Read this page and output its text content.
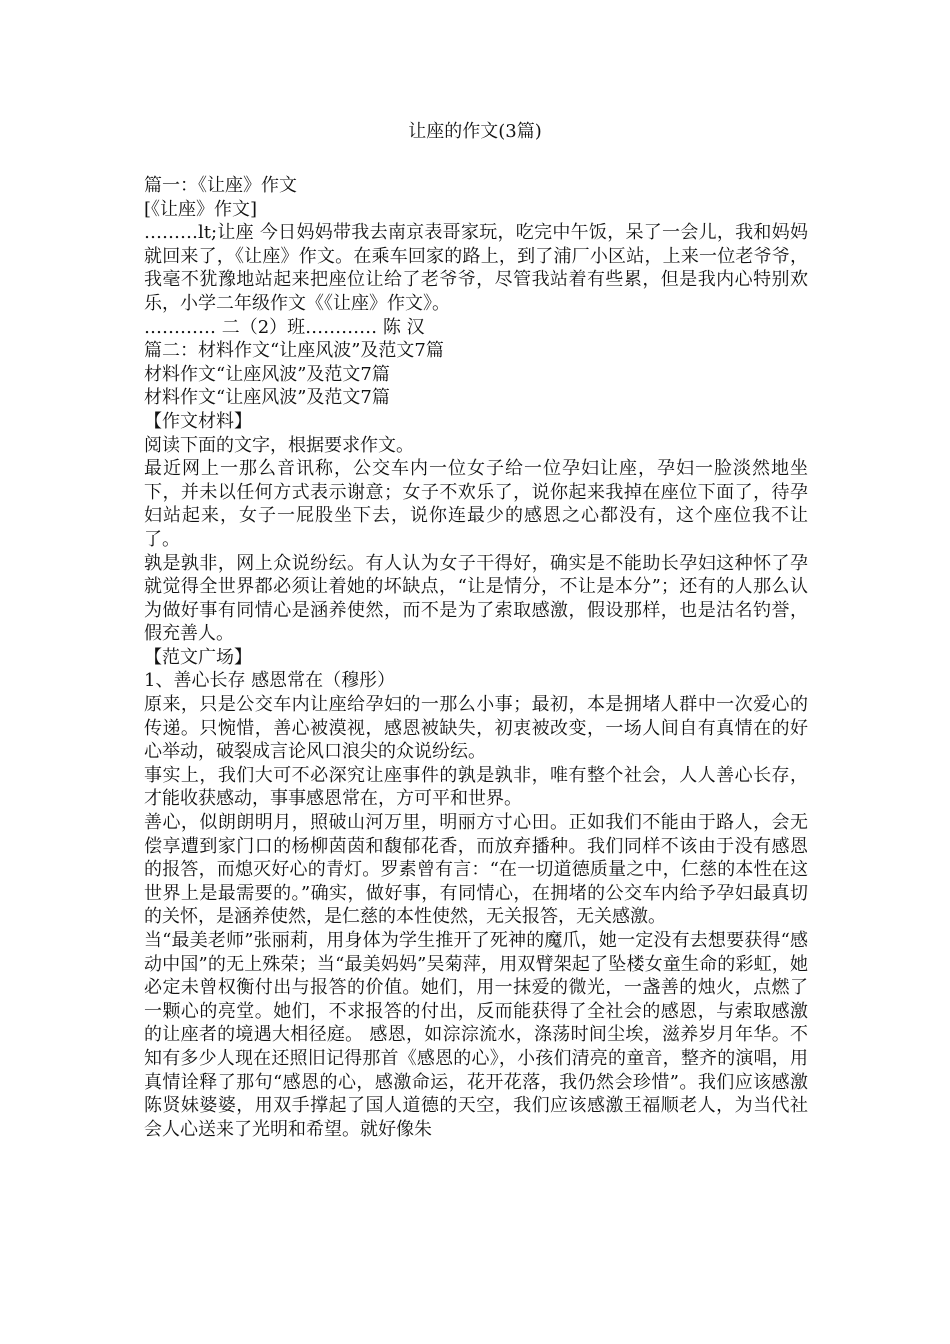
让座的作文(3篇)

篇一：《让座》作文

[《让座》作文]

………lt;让座 今日妈妈带我去南京表哥家玩，吃完中午饭，呆了一会儿，我和妈妈就回来了，《让座》作文。在乘车回家的路上，到了浦厂小区站，上来一位老爷爷，我毫不犹豫地站起来把座位让给了老爷爷，尽管我站着有些累，但是我内心特别欢乐，小学二年级作文《《让座》作文》。

………… 二（2）班………… 陈 汉

篇二：材料作文“让座风波”及范文7篇

材料作文“让座风波”及范文7篇

材料作文“让座风波”及范文7篇

【作文材料】

阅读下面的文字，根据要求作文。

最近网上一那么音讯称，公交车内一位女子给一位孕妇让座，孕妇一脸淡然地坐下，并未以任何方式表示谢意；女子不欢乐了，说你起来我掉在座位下面了，待孕妇站起来，女子一屁股坐下去，说你连最少的感恩之心都没有，这个座位我不让了。

孰是孰非，网上众说纷纭。有人认为女子干得好，确实是不能助长孕妇这种怀了孕就觉得全世界都必须让着她的坏缺点，“让是情分，不让是本分”；还有的人那么认为做好事有同情心是涵养使然，而不是为了索取感激，假设那样，也是沽名钓誉，假充善人。

【范文广场】

1、善心长存 感恩常在（穆彤）

原来，只是公交车内让座给孕妇的一那么小事；最初，本是拥堵人群中一次爱心的传递。只惋惜，善心被漠视，感恩被缺失，初衷被改变，一场人间自有真情在的好心举动，破裂成言论风口浪尖的众说纷纭。

事实上，我们大可不必深究让座事件的孰是孰非，唯有整个社会，人人善心长存，才能收获感动，事事感恩常在，方可平和世界。

善心，似朗朗明月，照破山河万里，明丽方寸心田。正如我们不能由于路人，会无偿享遭到家门口的杨柳茵茵和馥郁花香，而放弃播种。我们同样不该由于没有感恩的报答，而熄灭好心的青灯。罗素曾有言：“在一切道德质量之中，仁慈的本性在这世界上是最需要的。”确实，做好事，有同情心，在拥堵的公交车内给予孕妇最真切的关怀，是涵养使然，是仁慈的本性使然，无关报答，无关感激。

当“最美老师”张丽莉，用身体为学生推开了死神的魔爪，她一定没有去想要获得“感动中国”的无上殊荣；当“最美妈妈”吴菊萍，用双臂架起了坠楼女童生命的彩虹，她必定未曾权衡付出与报答的价值。她们，用一抹爱的微光，一盏善的烛火，点燃了一颗心的亮堂。她们，不求报答的付出，反而能获得了全社会的感恩，与索取感激的让座者的境遇大相径庭。 感恩，如淙淙流水，涤荡时间尘埃，滋养岁月年华。不知有多少人现在还照旧记得那首《感恩的心》，小孩们清亮的童音，整齐的演唱，用真情诠释了那句“感恩的心，感激命运，花开花落，我仍然会珍惜”。我们应该感激陈贤妹婆婆，用双手撑起了国人道德的天空，我们应该感激王福顺老人，为当代社会人心送来了光明和希望。就好像朱
